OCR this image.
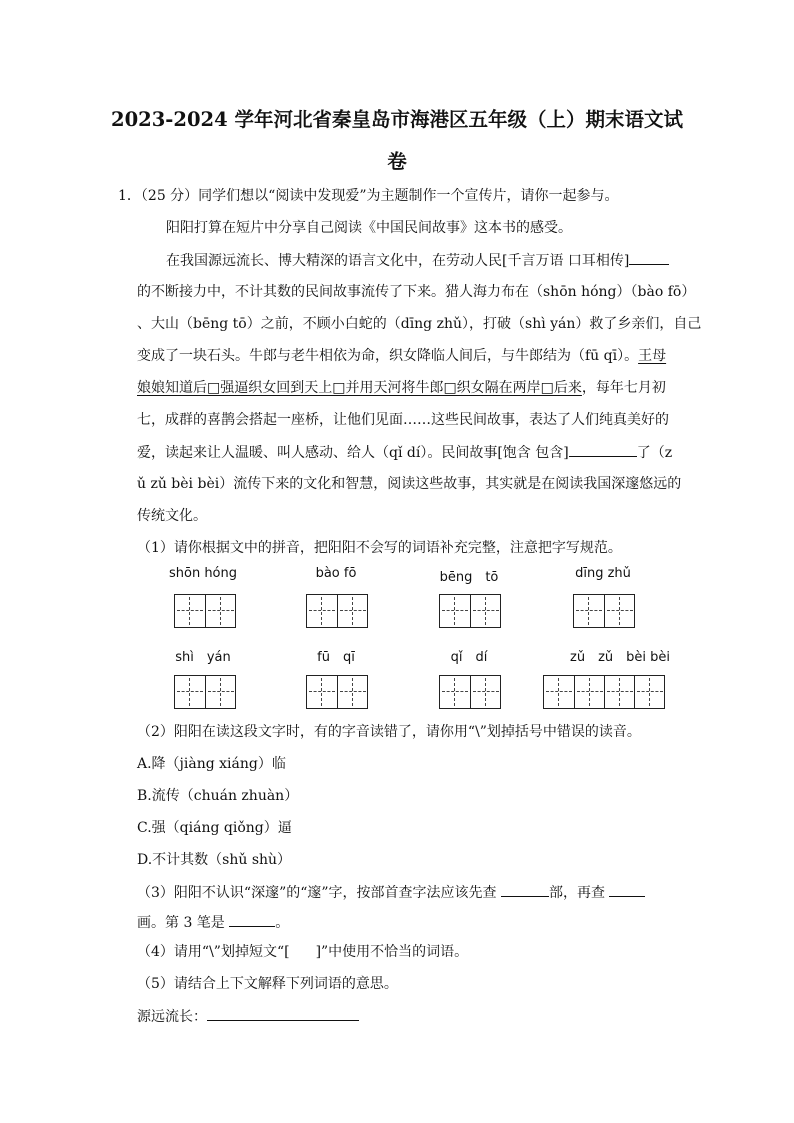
2023-2024 学年河北省秦皇岛市海港区五年级（上）期末语文试
卷
1．（25 分）同学们想以“阅读中发现爱”为主题制作一个宣传片，请你一起参与。
阳阳打算在短片中分享自己阅读《中国民间故事》这本书的感受。
在我国源远流长、博大精深的语言文化中，在劳动人民[千言万语 口耳相传]
的不断接力中，不计其数的民间故事流传了下来。猎人海力布在（shōn hóng）（bào fō）
、大山（bēng tō）之前，不顾小白蛇的（dīng zhǔ），打破（shì yán）救了乡亲们，自己
变成了一块石头。牛郎与老牛相依为命，织女降临人间后，与牛郎结为（fū qī）。王母
娘娘知道后□强逼织女回到天上□并用天河将牛郎□织女隔在两岸□后来，每年七月初
七，成群的喜鹊会搭起一座桥，让他们见面……这些民间故事，表达了人们纯真美好的
爱，读起来让人温暖、叫人感动、给人（qǐ dí）。民间故事[饱含 包含]	了（z
ǔ zǔ bèi bèi）流传下来的文化和智慧，阅读这些故事，其实就是在阅读我国深邃悠远的
传统文化。
（1）请你根据文中的拼音，把阳阳不会写的词语补充完整，注意把字写规范。
shōn hóng	bào fō	bēng　tō	dīng zhǔ
shì　yán	fū　qī	qǐ　dí	zǔ　zǔ　bèi bèi
（2）阳阳在读这段文字时，有的字音读错了，请你用“\”划掉括号中错误的读音。
A.降（jiàng xiáng）临
B.流传（chuán zhuàn）
C.强（qiáng qiǒng）逼
D.不计其数（shǔ shù）
（3）阳阳不认识“深邃”的“邃”字，按部首查字法应该先查	部，再查
画。第 3 笔是	。
（4）请用“\”划掉短文“[ ]”中使用不恰当的词语。
（5）请结合上下文解释下列词语的意思。
源远流长：
